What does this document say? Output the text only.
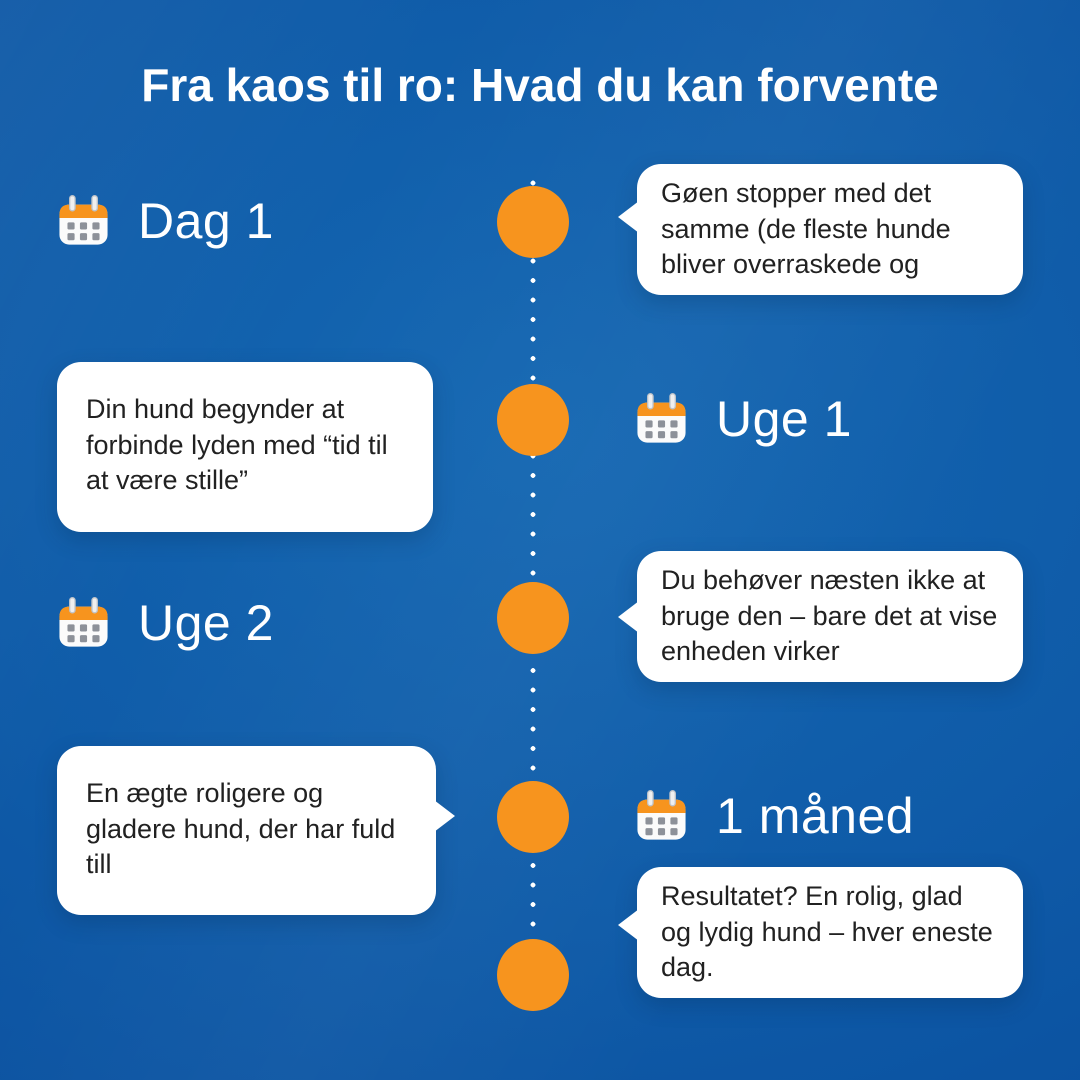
Fra kaos til ro: Hvad du kan forvente
Dag 1
Uge 1
Uge 2
1 måned
Gøen stopper med det samme (de fleste hunde bliver overraskede og
Din hund begynder at forbinde lyden med “tid til at være stille”
Du behøver næsten ikke at bruge den – bare det at vise enheden virker
En ægte roligere og gladere hund, der har fuld till
Resultatet? En rolig, glad og lydig hund – hver eneste dag.
